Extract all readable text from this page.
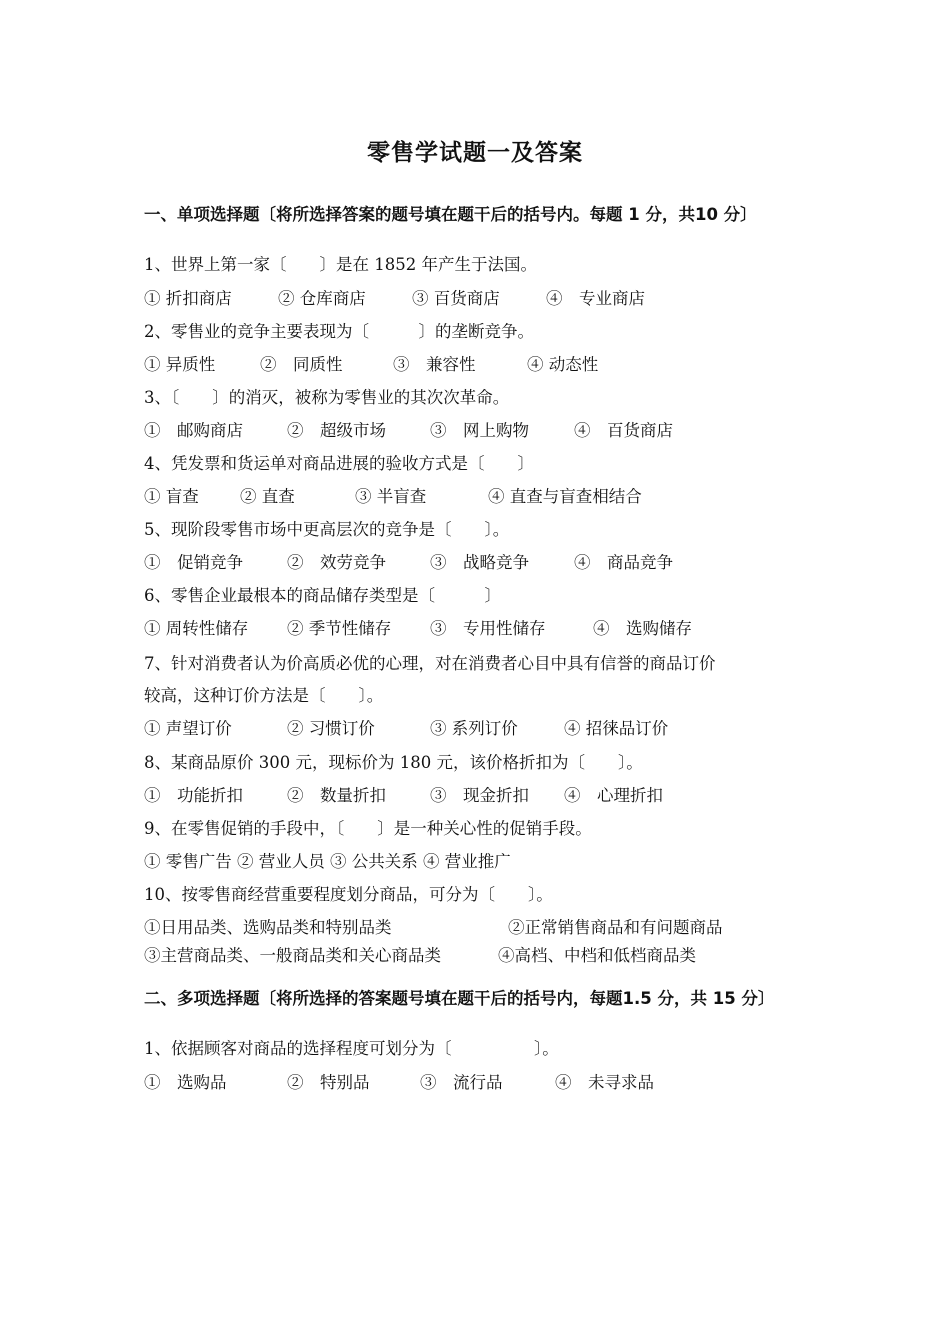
零售学试题一及答案
一、单项选择题〔将所选择答案的题号填在题干后的括号内。每题 1 分，共10 分〕
1、世界上第一家〔　　〕是在 1852 年产生于法国。
① 折扣商店	② 仓库商店	③ 百货商店	④　专业商店
2、零售业的竞争主要表现为〔　　　〕的垄断竞争。
① 异质性	②　同质性	③　兼容性	④ 动态性
3、〔　　〕的消灭，被称为零售业的其次次革命。
①　邮购商店	②　超级市场	③　网上购物	④　百货商店
4、凭发票和货运单对商品进展的验收方式是〔　　〕
① 盲查	② 直查	③ 半盲查	④ 直查与盲查相结合
5、现阶段零售市场中更高层次的竞争是〔　　〕。
①　促销竞争	②　效劳竞争	③　战略竞争	④　商品竞争
6、零售企业最根本的商品储存类型是〔　　　〕
① 周转性储存 ② 季节性储存 ③　专用性储存	④　选购储存
7、针对消费者认为价高质必优的心理，对在消费者心目中具有信誉的商品订价
较高，这种订价方法是〔　　〕。
① 声望订价	② 习惯订价	③ 系列订价	④ 招徕品订价
8、某商品原价 300 元，现标价为 180 元，该价格折扣为〔　　〕。
①　功能折扣	②　数量折扣	③　现金折扣 ④　心理折扣
9、在零售促销的手段中，〔　　〕是一种关心性的促销手段。
① 零售广告 ② 营业人员 ③ 公共关系 ④ 营业推广
10、按零售商经营重要程度划分商品，可分为〔　　〕。
①日用品类、选购品类和特别品类	②正常销售商品和有问题商品
③主营商品类、一般商品类和关心商品类	④高档、中档和低档商品类
二、多项选择题〔将所选择的答案题号填在题干后的括号内，每题1.5 分，共 15 分〕
1、依据顾客对商品的选择程度可划分为〔　　　　　〕。
①　选购品	②　特别品	③　流行品	④　未寻求品
